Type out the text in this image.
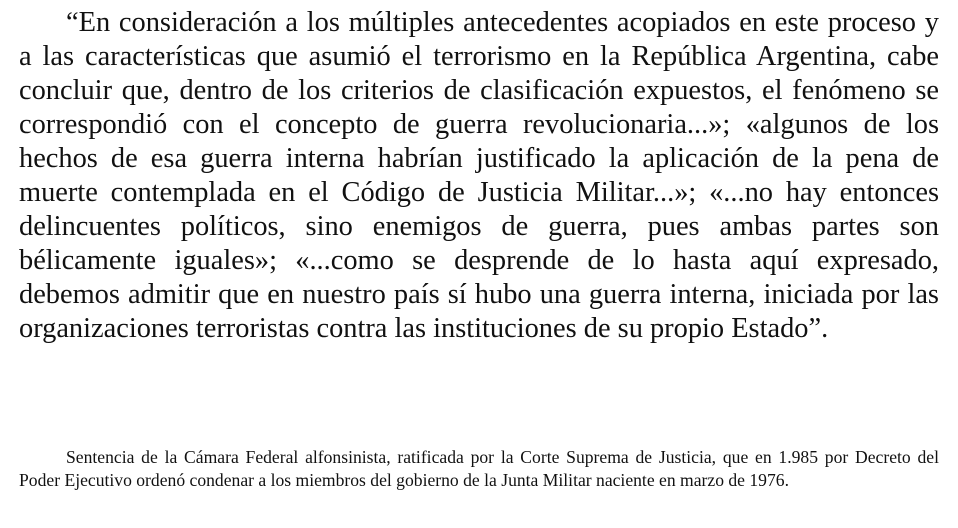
“En consideración a los múltiples antecedentes acopiados en este proceso y a las características que asumió el terrorismo en la República Argentina, cabe concluir que, dentro de los criterios de clasificación expuestos, el fenómeno se correspondió con el concepto de guerra revolucionaria...»; «algunos de los hechos de esa guerra interna habrían justificado la aplicación de la pena de muerte contemplada en el Código de Justicia Militar...»; «...no hay entonces delincuentes políticos, sino enemigos de guerra, pues ambas partes son bélicamente iguales»; «...como se desprende de lo hasta aquí expresado, debemos admitir que en nuestro país sí hubo una guerra interna, iniciada por las organizaciones terroristas contra las instituciones de su propio Estado”.

Sentencia de la Cámara Federal alfonsinista, ratificada por la Corte Suprema de Justicia, que en 1.985 por Decreto del Poder Ejecutivo ordenó condenar a los miembros del gobierno de la Junta Militar naciente en marzo de 1976.
